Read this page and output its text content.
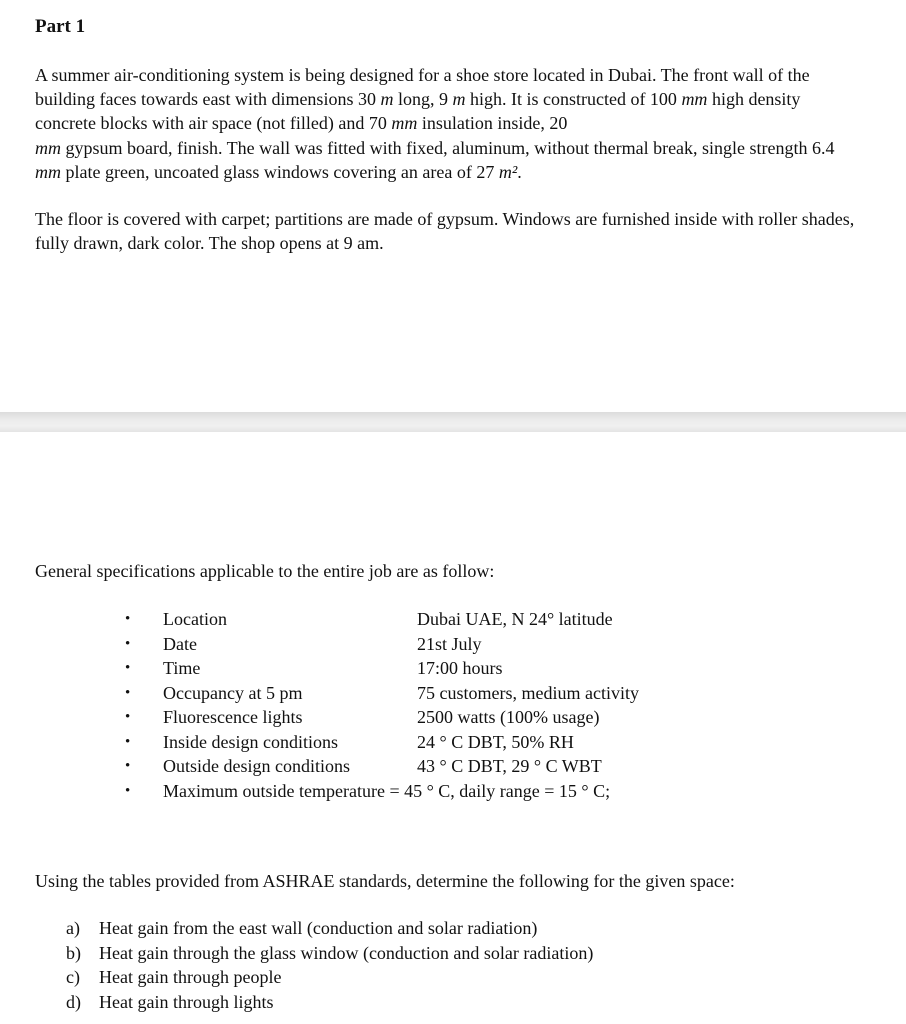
Part 1

A summer air-conditioning system is being designed for a shoe store located in Dubai. The front wall of the building faces towards east with dimensions 30 m long, 9 m high. It is constructed of 100 mm high density concrete blocks with air space (not filled) and 70 mm insulation inside, 20
mm gypsum board, finish. The wall was fitted with fixed, aluminum, without thermal break, single strength 6.4 mm plate green, uncoated glass windows covering an area of 27 m².

The floor is covered with carpet; partitions are made of gypsum. Windows are furnished inside with roller shades, fully drawn, dark color. The shop opens at 9 am.

General specifications applicable to the entire job are as follow:

• Location	Dubai UAE, N 24° latitude
• Date	21st July
• Time	17:00 hours
• Occupancy at 5 pm	75 customers, medium activity
• Fluorescence lights	2500 watts (100% usage)
• Inside design conditions	24 ° C DBT, 50% RH
• Outside design conditions	43 ° C DBT, 29 ° C WBT
• Maximum outside temperature = 45 ° C, daily range = 15 ° C;

Using the tables provided from ASHRAE standards, determine the following for the given space:

a) Heat gain from the east wall (conduction and solar radiation)
b) Heat gain through the glass window (conduction and solar radiation)
c) Heat gain through people
d) Heat gain through lights
